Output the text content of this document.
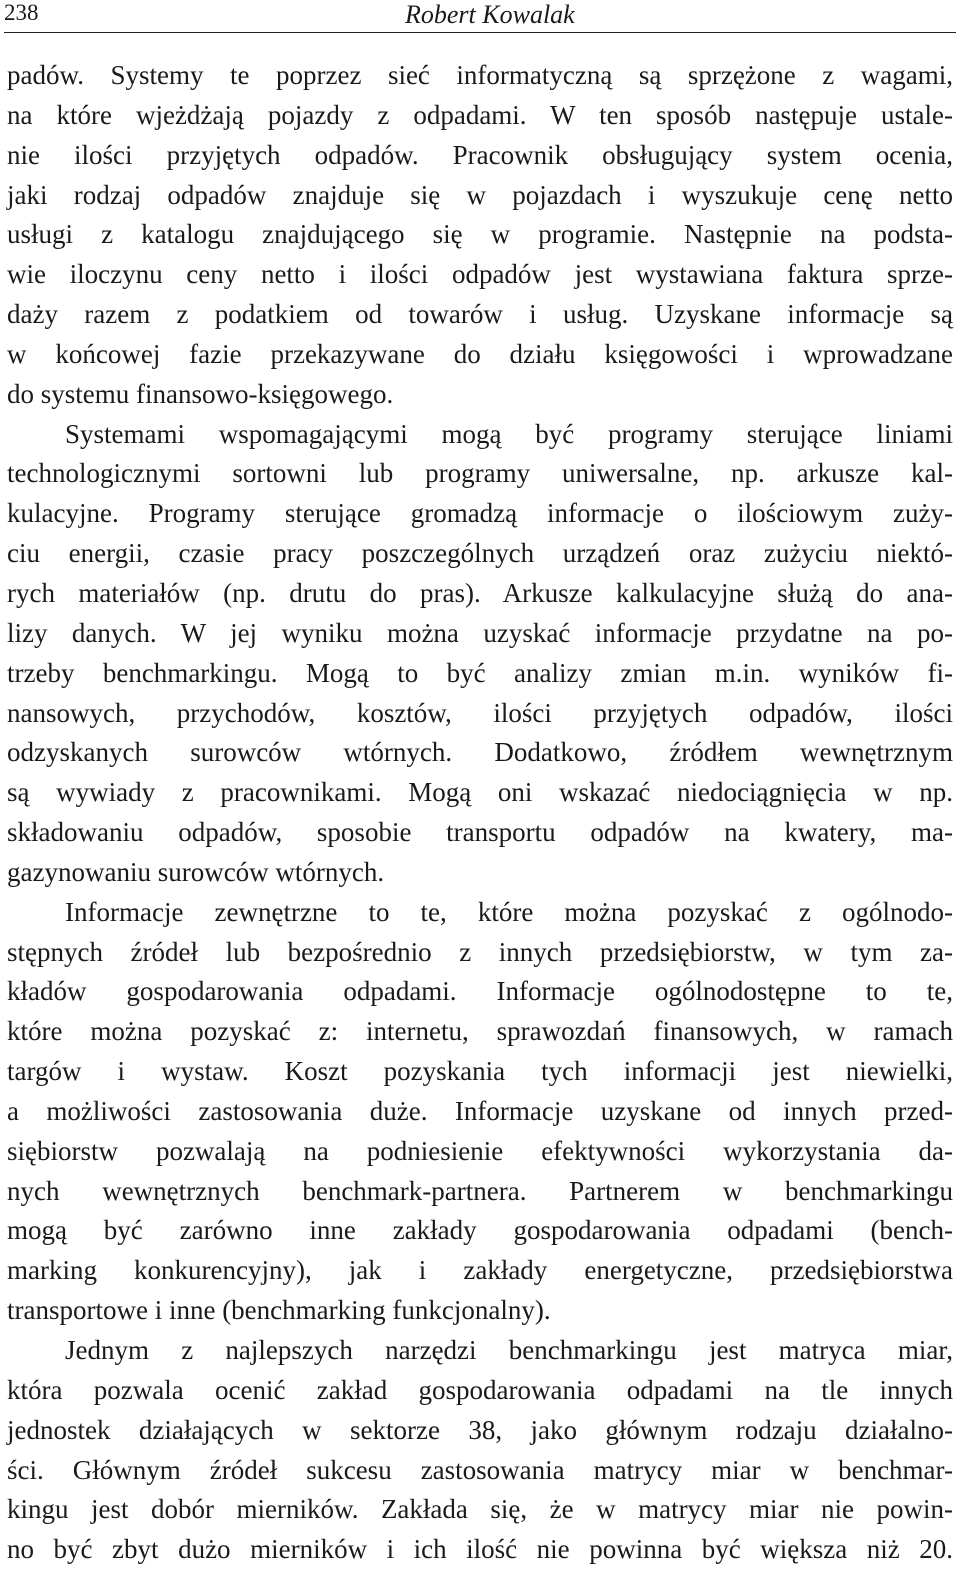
238	Robert Kowalak

padów. Systemy te poprzez sieć informatyczną są sprzężone z wagami,
na które wjeżdżają pojazdy z odpadami. W ten sposób następuje ustale-
nie ilości przyjętych odpadów. Pracownik obsługujący system ocenia,
jaki rodzaj odpadów znajduje się w pojazdach i wyszukuje cenę netto
usługi z katalogu znajdującego się w programie. Następnie na podsta-
wie iloczynu ceny netto i ilości odpadów jest wystawiana faktura sprze-
daży razem z podatkiem od towarów i usług. Uzyskane informacje są
w końcowej fazie przekazywane do działu księgowości i wprowadzane
do systemu finansowo-księgowego.

Systemami wspomagającymi mogą być programy sterujące liniami
technologicznymi sortowni lub programy uniwersalne, np. arkusze kal-
kulacyjne. Programy sterujące gromadzą informacje o ilościowym zuży-
ciu energii, czasie pracy poszczególnych urządzeń oraz zużyciu niektó-
rych materiałów (np. drutu do pras). Arkusze kalkulacyjne służą do ana-
lizy danych. W jej wyniku można uzyskać informacje przydatne na po-
trzeby benchmarkingu. Mogą to być analizy zmian m.in. wyników fi-
nansowych, przychodów, kosztów, ilości przyjętych odpadów, ilości
odzyskanych surowców wtórnych. Dodatkowo, źródłem wewnętrznym
są wywiady z pracownikami. Mogą oni wskazać niedociągnięcia w np.
składowaniu odpadów, sposobie transportu odpadów na kwatery, ma-
gazynowaniu surowców wtórnych.

Informacje zewnętrzne to te, które można pozyskać z ogólnodo-
stępnych źródeł lub bezpośrednio z innych przedsiębiorstw, w tym za-
kładów gospodarowania odpadami. Informacje ogólnodostępne to te,
które można pozyskać z: internetu, sprawozdań finansowych, w ramach
targów i wystaw. Koszt pozyskania tych informacji jest niewielki,
a możliwości zastosowania duże. Informacje uzyskane od innych przed-
siębiorstw pozwalają na podniesienie efektywności wykorzystania da-
nych wewnętrznych benchmark-partnera. Partnerem w benchmarkingu
mogą być zarówno inne zakłady gospodarowania odpadami (bench-
marking konkurencyjny), jak i zakłady energetyczne, przedsiębiorstwa
transportowe i inne (benchmarking funkcjonalny).

Jednym z najlepszych narzędzi benchmarkingu jest matryca miar,
która pozwala ocenić zakład gospodarowania odpadami na tle innych
jednostek działających w sektorze 38, jako głównym rodzaju działalno-
ści. Głównym źródeł sukcesu zastosowania matrycy miar w benchmar-
kingu jest dobór mierników. Zakłada się, że w matrycy miar nie powin-
no być zbyt dużo mierników i ich ilość nie powinna być większa niż 20.
